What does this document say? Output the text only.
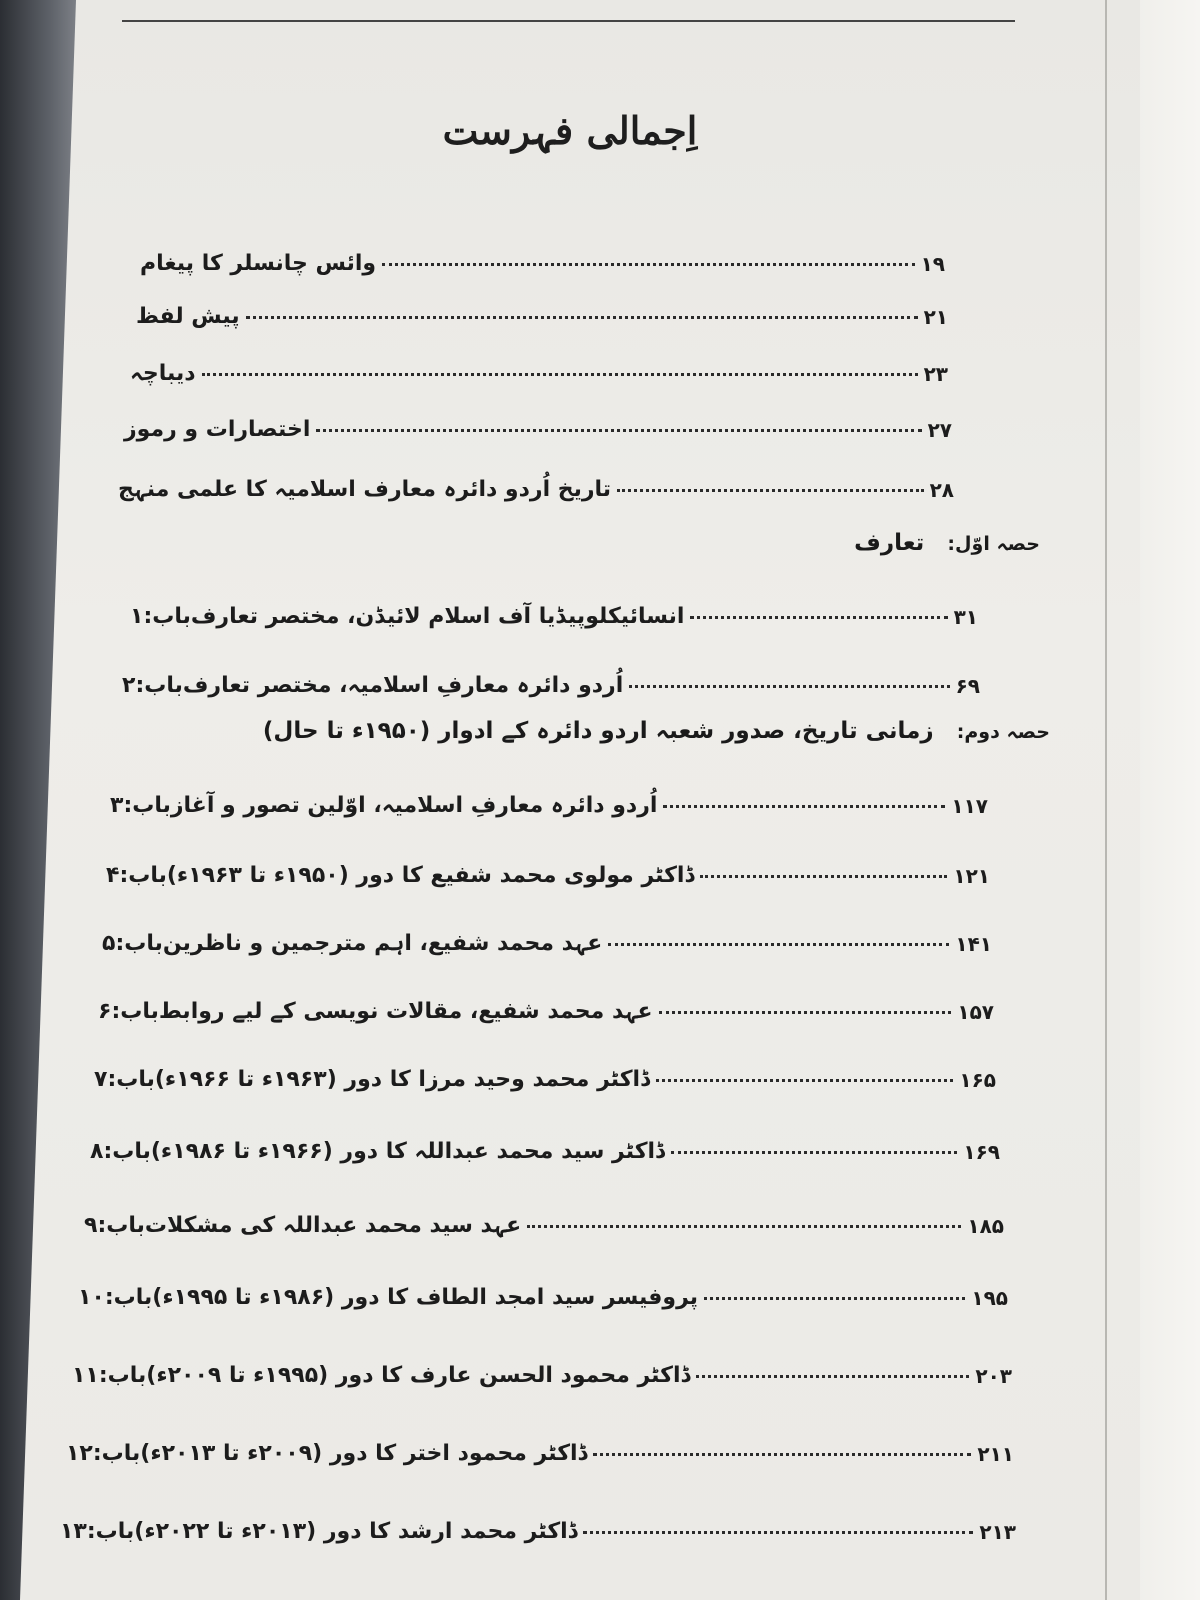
اِجمالی فہرست
وائس چانسلر کا پیغام	۱۹
پیش لفظ	۲۱
دیباچہ	۲۳
اختصارات و رموز	۲۷
تاریخ اُردو دائرہ معارف اسلامیہ کا علمی منہج	۲۸
حصہ اوّل: تعارف
باب:۱ انسائیکلوپیڈیا آف اسلام لائیڈن، مختصر تعارف	۳۱
باب:۲ اُردو دائرہ معارفِ اسلامیہ، مختصر تعارف	۶۹
حصہ دوم: زمانی تاریخ، صدور شعبہ اردو دائرہ کے ادوار (۱۹۵۰ء تا حال)
باب:۳ اُردو دائرہ معارفِ اسلامیہ، اوّلین تصور و آغاز	۱۱۷
باب:۴ ڈاکٹر مولوی محمد شفیع کا دور (۱۹۵۰ء تا ۱۹۶۳ء)	۱۲۱
باب:۵ عہد محمد شفیع، اہم مترجمین و ناظرین	۱۴۱
باب:۶ عہد محمد شفیع، مقالات نویسی کے لیے روابط	۱۵۷
باب:۷ ڈاکٹر محمد وحید مرزا کا دور (۱۹۶۳ء تا ۱۹۶۶ء)	۱۶۵
باب:۸ ڈاکٹر سید محمد عبداللہ کا دور (۱۹۶۶ء تا ۱۹۸۶ء)	۱۶۹
باب:۹ عہد سید محمد عبداللہ کی مشکلات	۱۸۵
باب:۱۰ پروفیسر سید امجد الطاف کا دور (۱۹۸۶ء تا ۱۹۹۵ء)	۱۹۵
باب:۱۱ ڈاکٹر محمود الحسن عارف کا دور (۱۹۹۵ء تا ۲۰۰۹ء)	۲۰۳
باب:۱۲ ڈاکٹر محمود اختر کا دور (۲۰۰۹ء تا ۲۰۱۳ء)	۲۱۱
باب:۱۳ ڈاکٹر محمد ارشد کا دور (۲۰۱۳ء تا ۲۰۲۲ء)	۲۱۳
